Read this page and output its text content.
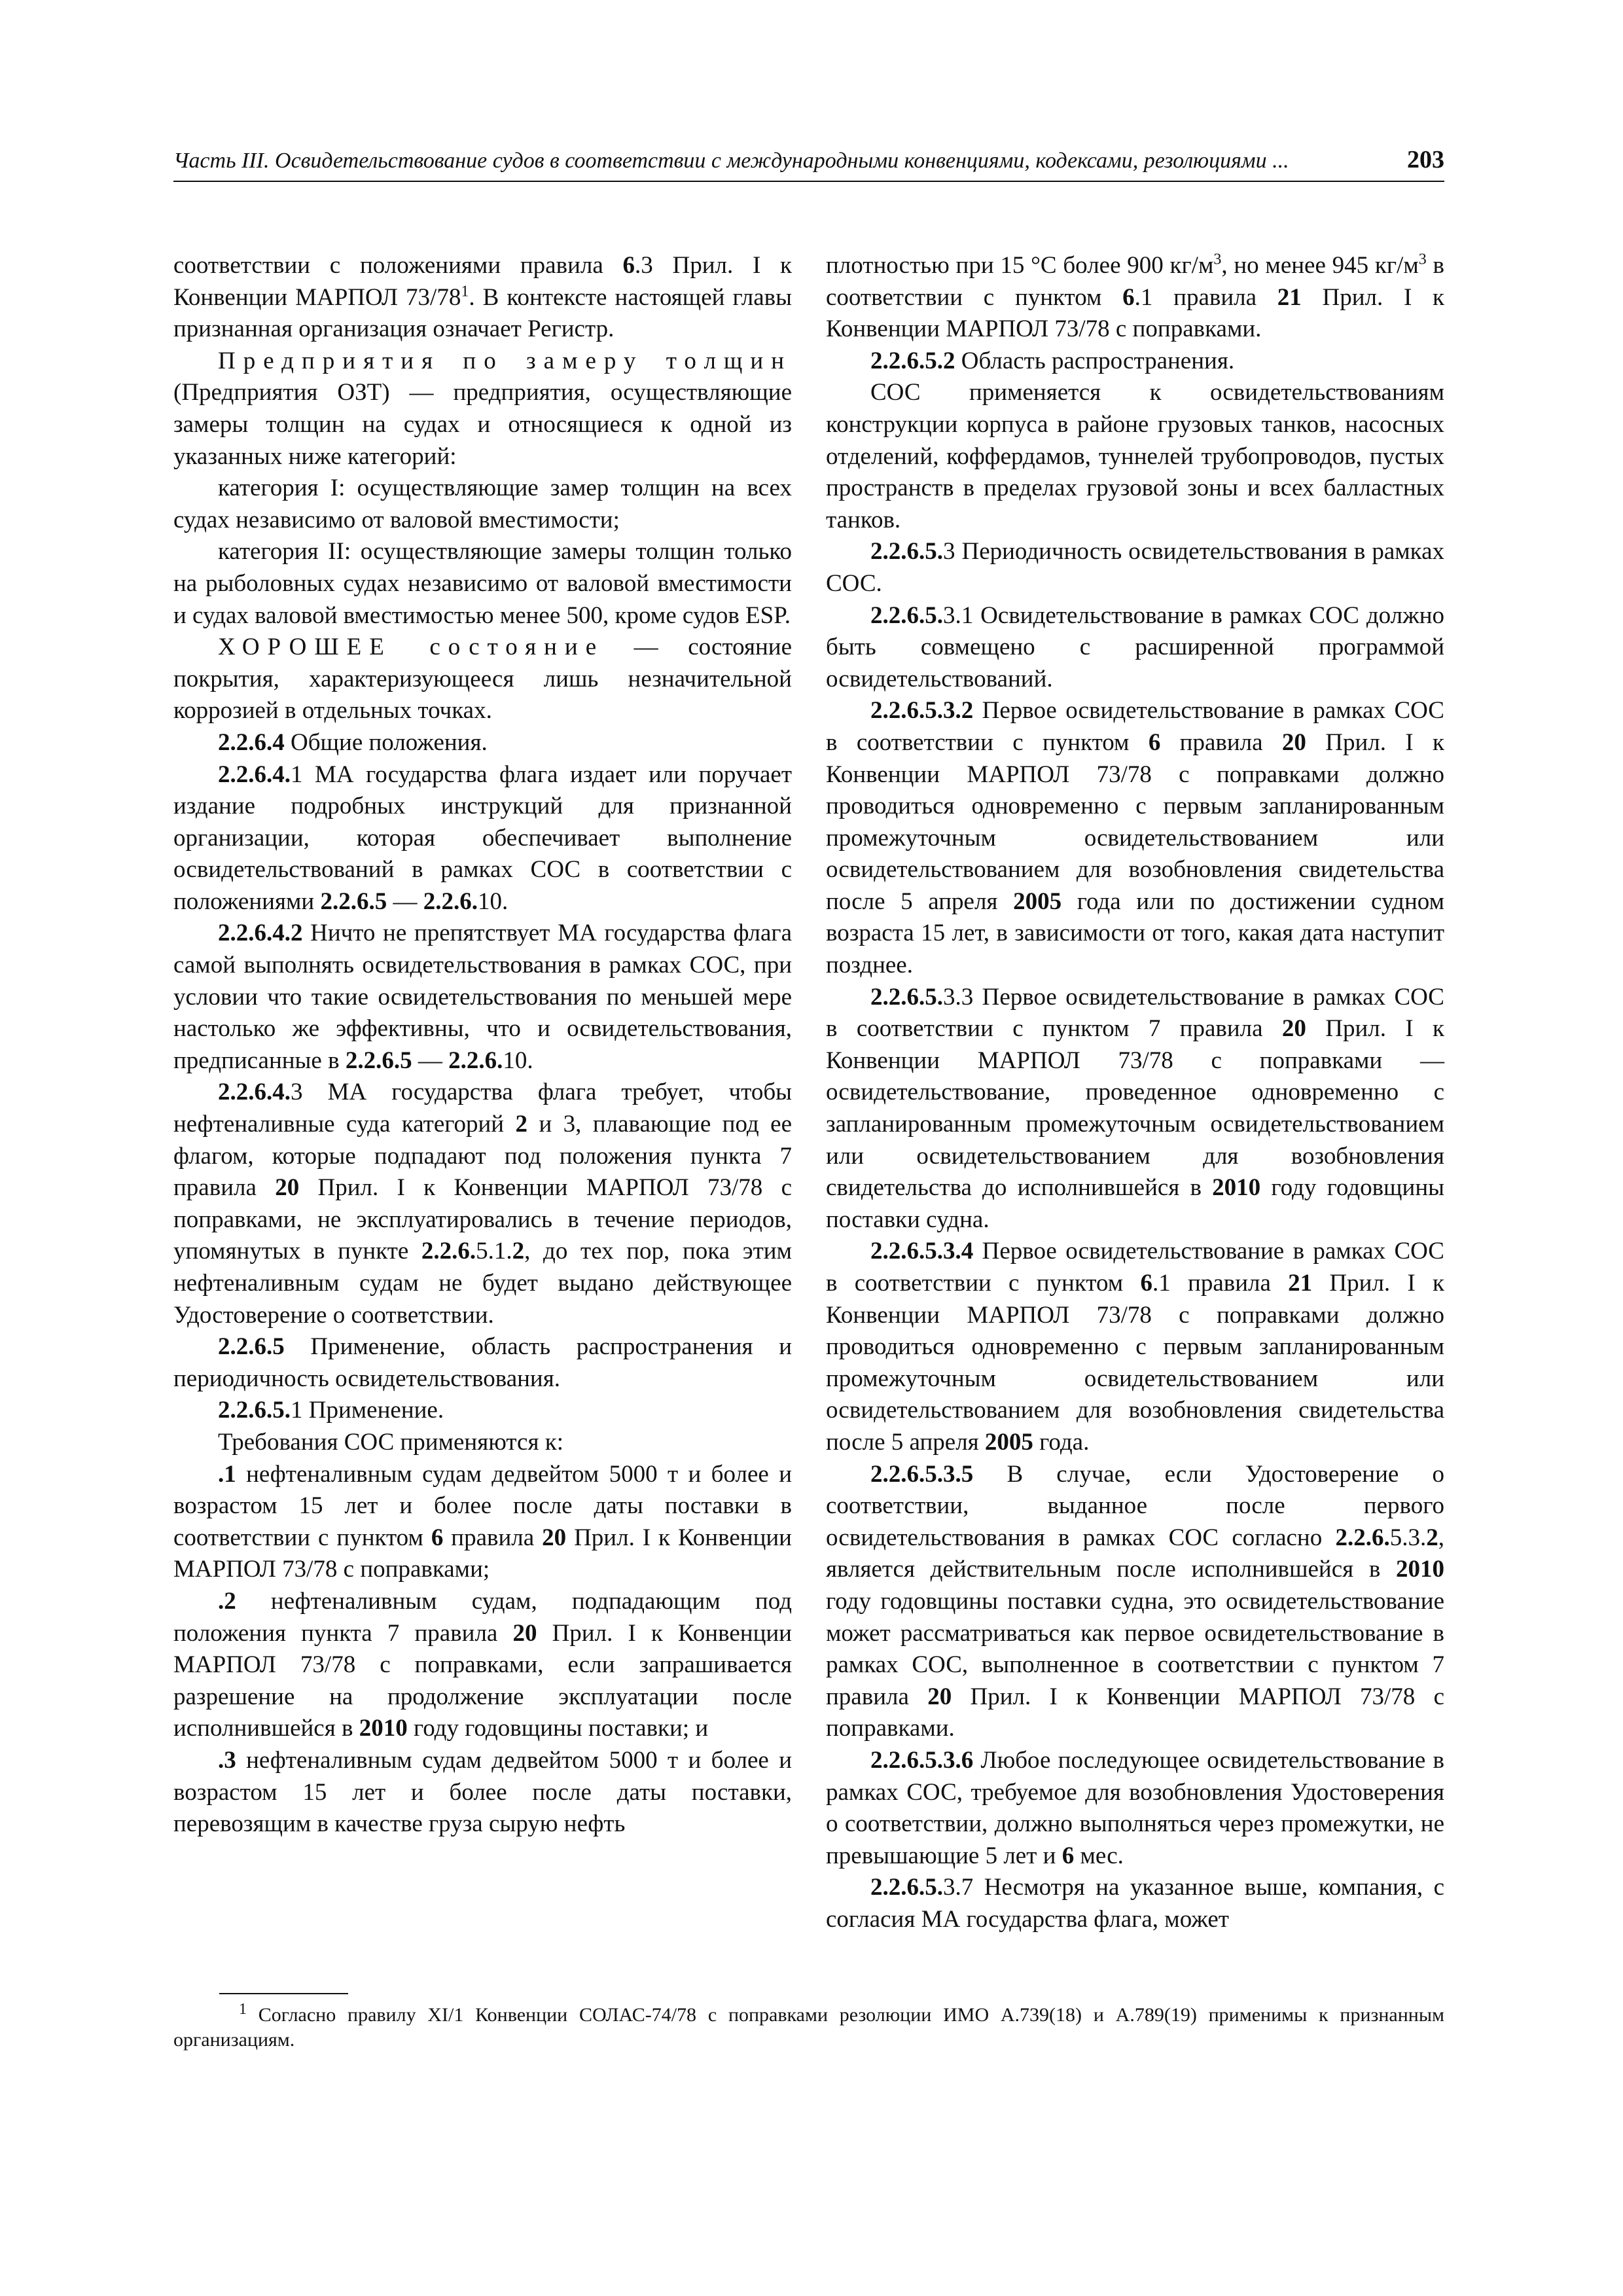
Часть III. Освидетельствование судов в соответствии с международными конвенциями, кодексами, резолюциями ...	203

соответствии с положениями правила 6.3 Прил. I к Конвенции МАРПОЛ $73/78^1$. В контексте настоящей главы признанная организация означает Регистр.

Предприятия по замеру толщин (Предприятия ОЗТ) — предприятия, осуществляющие замеры толщин на судах и относящиеся к одной из указанных ниже категорий:

категория I: осуществляющие замер толщин на всех судах независимо от валовой вместимости;

категория II: осуществляющие замеры толщин только на рыболовных судах независимо от валовой вместимости и судах валовой вместимостью менее 500, кроме судов ESP.

ХОРОШЕЕ состояние — состояние покрытия, характеризующееся лишь незначительной коррозией в отдельных точках.

2.2.6.4 Общие положения.

2.2.6.4.1 МА государства флага издает или поручает издание подробных инструкций для признанной организации, которая обеспечивает выполнение освидетельствований в рамках СОС в соответствии с положениями 2.2.6.5 — 2.2.6.10.

2.2.6.4.2 Ничто не препятствует МА государства флага самой выполнять освидетельствования в рамках СОС, при условии что такие освидетельствования по меньшей мере настолько же эффективны, что и освидетельствования, предписанные в 2.2.6.5 — 2.2.6.10.

2.2.6.4.3 МА государства флага требует, чтобы нефтеналивные суда категорий 2 и 3, плавающие под ее флагом, которые подпадают под положения пункта 7 правила 20 Прил. I к Конвенции МАРПОЛ 73/78 с поправками, не эксплуатировались в течение периодов, упомянутых в пункте 2.2.6.5.1.2, до тех пор, пока этим нефтеналивным судам не будет выдано действующее Удостоверение о соответствии.

2.2.6.5 Применение, область распространения и периодичность освидетельствования.

2.2.6.5.1 Применение.

Требования СОС применяются к:

.1 нефтеналивным судам дедвейтом 5000 т и более и возрастом 15 лет и более после даты поставки в соответствии с пунктом 6 правила 20 Прил. I к Конвенции МАРПОЛ 73/78 с поправками;

.2 нефтеналивным судам, подпадающим под положения пункта 7 правила 20 Прил. I к Конвенции МАРПОЛ 73/78 с поправками, если запрашивается разрешение на продолжение эксплуатации после исполнившейся в 2010 году годовщины поставки; и

.3 нефтеналивным судам дедвейтом 5000 т и более и возрастом 15 лет и более после даты поставки, перевозящим в качестве груза сырую нефть

плотностью при 15 °С более 900 $кг/м^3$, но менее 945 $кг/м^3$ в соответствии с пунктом 6.1 правила 21 Прил. I к Конвенции МАРПОЛ 73/78 с поправками.

2.2.6.5.2 Область распространения.

СОС применяется к освидетельствованиям конструкции корпуса в районе грузовых танков, насосных отделений, коффердамов, туннелей трубопроводов, пустых пространств в пределах грузовой зоны и всех балластных танков.

2.2.6.5.3 Периодичность освидетельствования в рамках СОС.

2.2.6.5.3.1 Освидетельствование в рамках СОС должно быть совмещено с расширенной программой освидетельствований.

2.2.6.5.3.2 Первое освидетельствование в рамках СОС в соответствии с пунктом 6 правила 20 Прил. I к Конвенции МАРПОЛ 73/78 с поправками должно проводиться одновременно с первым запланированным промежуточным освидетельствованием или освидетельствованием для возобновления свидетельства после 5 апреля 2005 года или по достижении судном возраста 15 лет, в зависимости от того, какая дата наступит позднее.

2.2.6.5.3.3 Первое освидетельствование в рамках СОС в соответствии с пунктом 7 правила 20 Прил. I к Конвенции МАРПОЛ 73/78 с поправками — освидетельствование, проведенное одновременно с запланированным промежуточным освидетельствованием или освидетельствованием для возобновления свидетельства до исполнившейся в 2010 году годовщины поставки судна.

2.2.6.5.3.4 Первое освидетельствование в рамках СОС в соответствии с пунктом 6.1 правила 21 Прил. I к Конвенции МАРПОЛ 73/78 с поправками должно проводиться одновременно с первым запланированным промежуточным освидетельствованием или освидетельствованием для возобновления свидетельства после 5 апреля 2005 года.

2.2.6.5.3.5 В случае, если Удостоверение о соответствии, выданное после первого освидетельствования в рамках СОС согласно 2.2.6.5.3.2, является действительным после исполнившейся в 2010 году годовщины поставки судна, это освидетельствование может рассматриваться как первое освидетельствование в рамках СОС, выполненное в соответствии с пунктом 7 правила 20 Прил. I к Конвенции МАРПОЛ 73/78 с поправками.

2.2.6.5.3.6 Любое последующее освидетельствование в рамках СОС, требуемое для возобновления Удостоверения о соответствии, должно выполняться через промежутки, не превышающие 5 лет и 6 мес.

2.2.6.5.3.7 Несмотря на указанное выше, компания, с согласия МА государства флага, может

$^1$ Согласно правилу XI/1 Конвенции СОЛАС-74/78 с поправками резолюции ИМО А.739(18) и А.789(19) применимы к признанным организациям.
